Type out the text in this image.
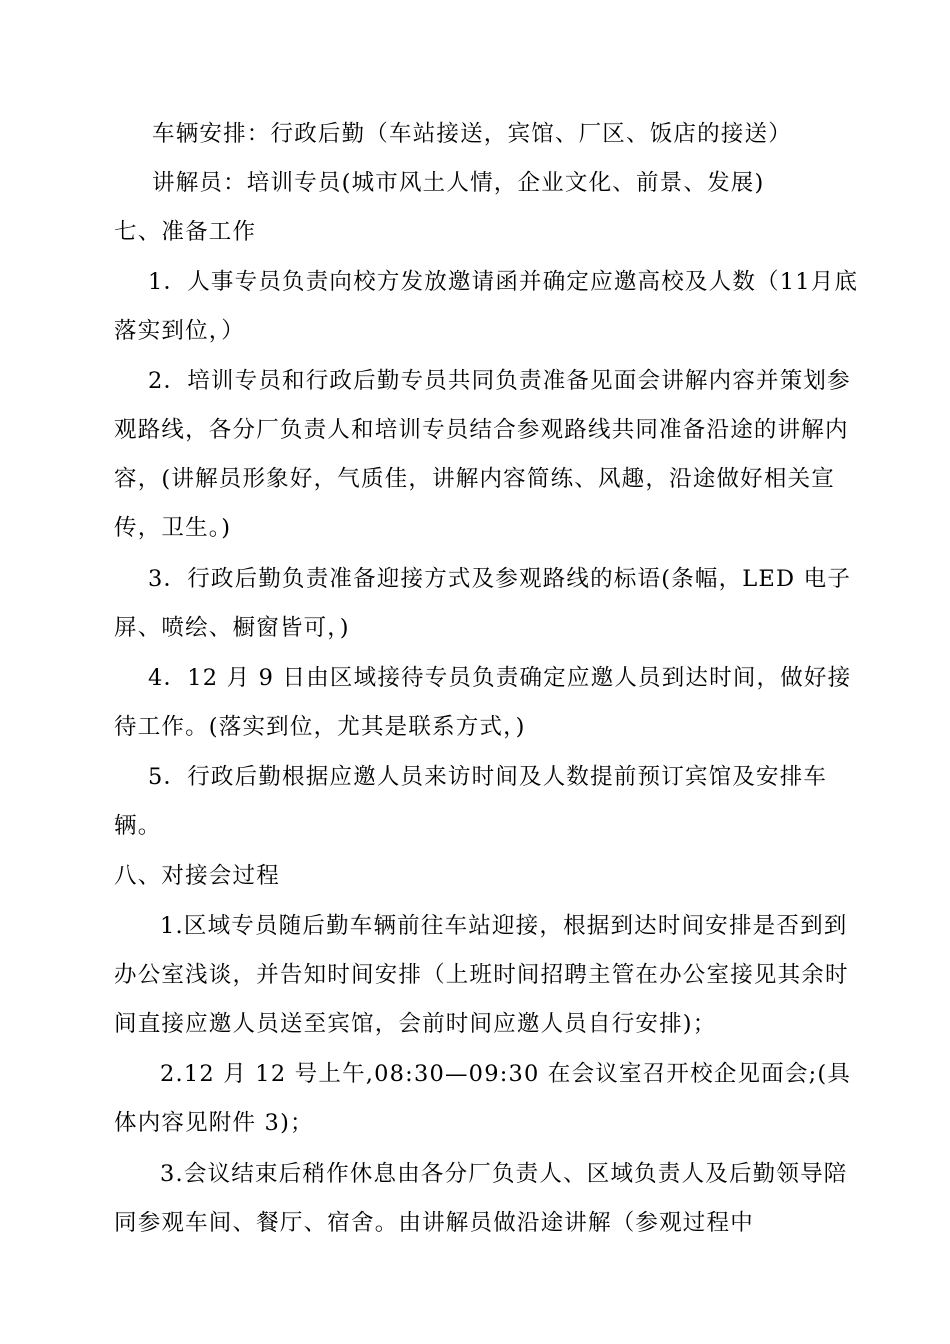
车辆安排：行政后勤（车站接送，宾馆、厂区、饭店的接送）

讲解员：培训专员(城市风土人情，企业文化、前景、发展)

七、准备工作

1．人事专员负责向校方发放邀请函并确定应邀高校及人数（11月底落实到位，）

2．培训专员和行政后勤专员共同负责准备见面会讲解内容并策划参观路线，各分厂负责人和培训专员结合参观路线共同准备沿途的讲解内容，(讲解员形象好，气质佳，讲解内容简练、风趣，沿途做好相关宣传，卫生。)

3．行政后勤负责准备迎接方式及参观路线的标语(条幅，LED 电子屏、喷绘、橱窗皆可，)

4．12 月 9 日由区域接待专员负责确定应邀人员到达时间，做好接待工作。(落实到位，尤其是联系方式，)

5．行政后勤根据应邀人员来访时间及人数提前预订宾馆及安排车辆。

八、对接会过程

1.区域专员随后勤车辆前往车站迎接，根据到达时间安排是否到到办公室浅谈，并告知时间安排（上班时间招聘主管在办公室接见其余时间直接应邀人员送至宾馆，会前时间应邀人员自行安排)；

2.12 月 12 号上午,08:30—09:30 在会议室召开校企见面会;(具体内容见附件 3)；

3.会议结束后稍作休息由各分厂负责人、区域负责人及后勤领导陪同参观车间、餐厅、宿舍。由讲解员做沿途讲解（参观过程中
